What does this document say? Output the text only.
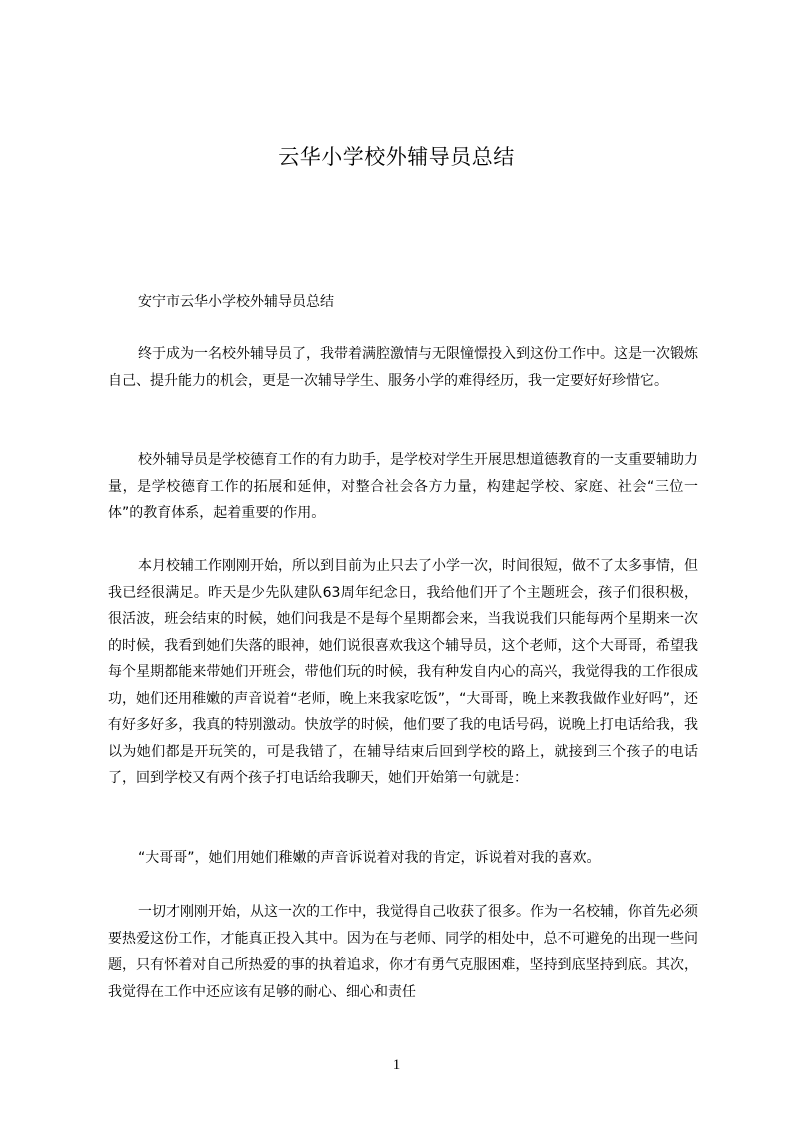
云华小学校外辅导员总结

安宁市云华小学校外辅导员总结

终于成为一名校外辅导员了，我带着满腔激情与无限憧憬投入到这份工作中。这是一次锻炼自己、提升能力的机会，更是一次辅导学生、服务小学的难得经历，我一定要好好珍惜它。

校外辅导员是学校德育工作的有力助手，是学校对学生开展思想道德教育的一支重要辅助力量，是学校德育工作的拓展和延伸，对整合社会各方力量，构建起学校、家庭、社会“三位一体”的教育体系，起着重要的作用。

本月校辅工作刚刚开始，所以到目前为止只去了小学一次，时间很短，做不了太多事情，但我已经很满足。昨天是少先队建队63周年纪念日，我给他们开了个主题班会，孩子们很积极，很活波，班会结束的时候，她们问我是不是每个星期都会来，当我说我们只能每两个星期来一次的时候，我看到她们失落的眼神，她们说很喜欢我这个辅导员，这个老师，这个大哥哥，希望我每个星期都能来带她们开班会，带他们玩的时候，我有种发自内心的高兴，我觉得我的工作很成功，她们还用稚嫩的声音说着“老师，晚上来我家吃饭”，“大哥哥，晚上来教我做作业好吗”，还有好多好多，我真的特别激动。快放学的时候，他们要了我的电话号码，说晚上打电话给我，我以为她们都是开玩笑的，可是我错了，在辅导结束后回到学校的路上，就接到三个孩子的电话了，回到学校又有两个孩子打电话给我聊天，她们开始第一句就是：

“大哥哥”，她们用她们稚嫩的声音诉说着对我的肯定，诉说着对我的喜欢。

一切才刚刚开始，从这一次的工作中，我觉得自己收获了很多。作为一名校辅，你首先必须要热爱这份工作，才能真正投入其中。因为在与老师、同学的相处中，总不可避免的出现一些问题，只有怀着对自己所热爱的事的执着追求，你才有勇气克服困难，坚持到底坚持到底。其次，我觉得在工作中还应该有足够的耐心、细心和责任

1
